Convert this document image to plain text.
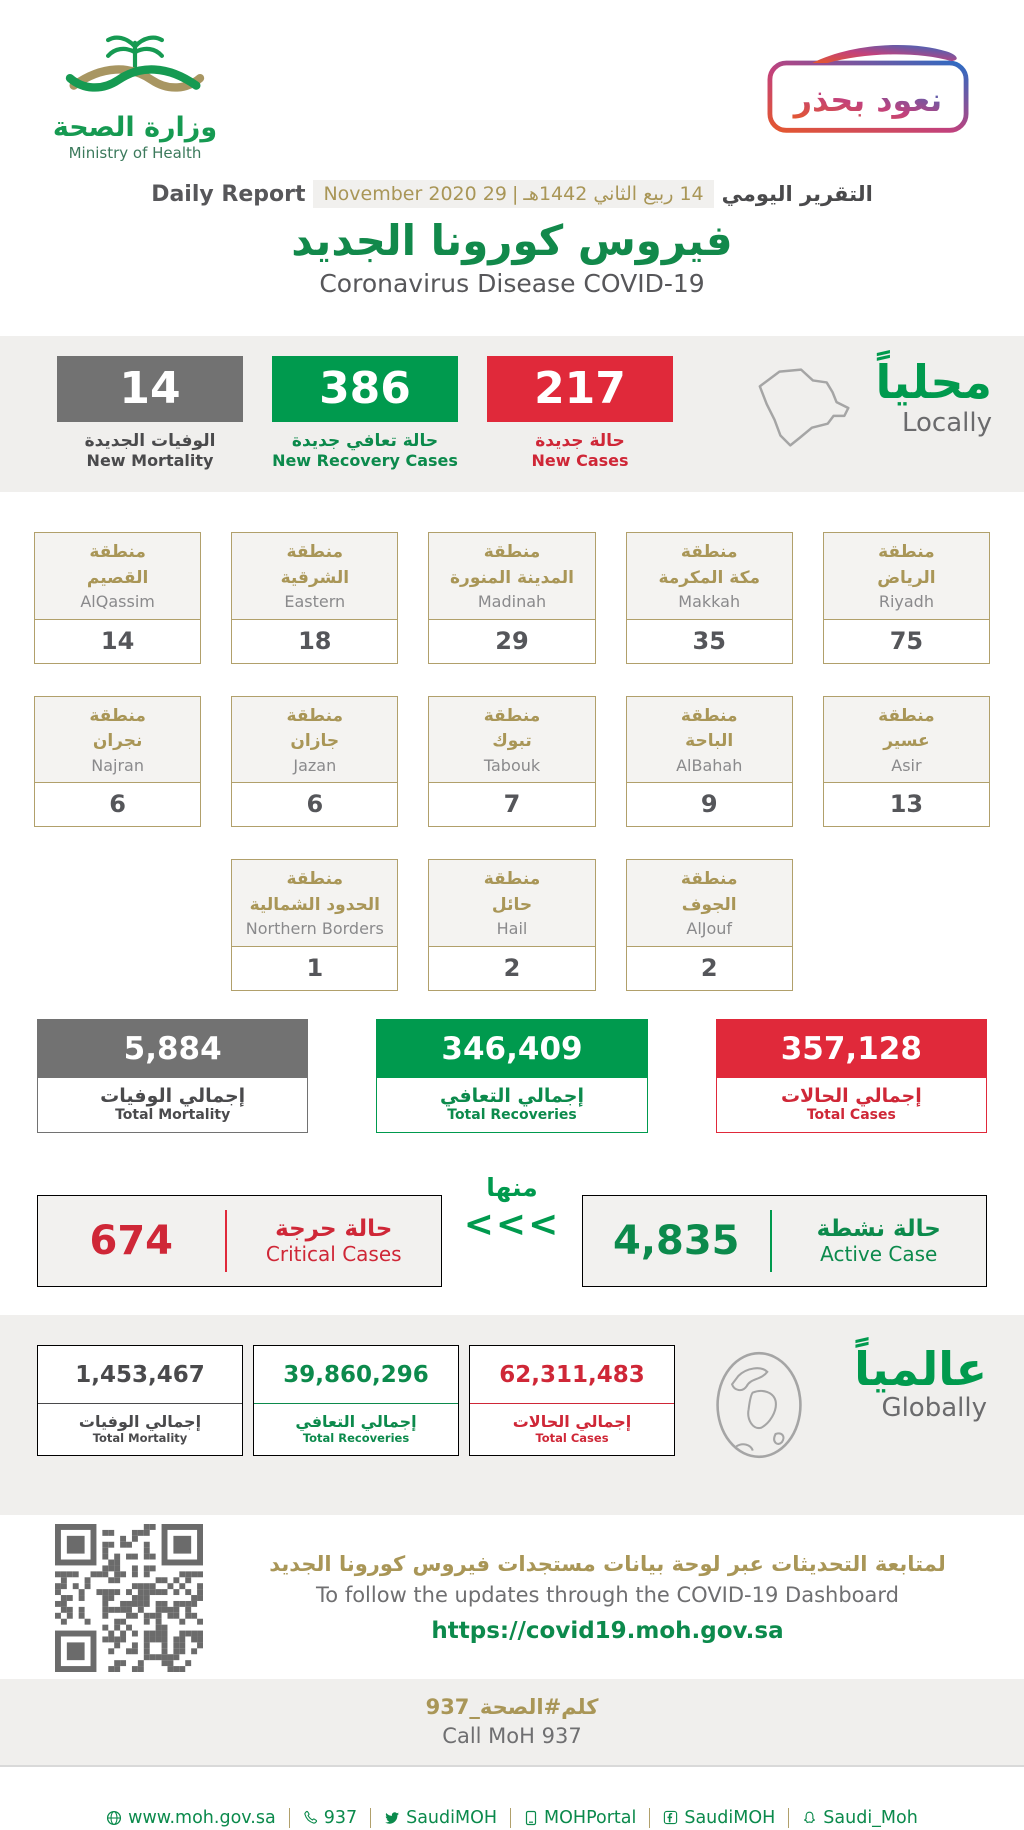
وزارة الصحة
Ministry of Health
نعود بحذر
Daily Report	14 ربيع الثاني 1442هـ
|
29 November 2020	التقرير اليومي
فيروس كورونا الجديد
Coronavirus Disease COVID-19
14
الوفيات الجديدة
New Mortality
386
حالة تعافي جديدة
New Recovery Cases
217
حالة جديدة
New Cases
محلياً
Locally
منطقة
الرياض
Riyadh
75
منطقة
مكة المكرمة
Makkah
35
منطقة
المدينة المنورة
Madinah
29
منطقة
الشرقية
Eastern
18
منطقة
القصيم
AlQassim
14
منطقة
عسير
Asir
13
منطقة
الباحة
AlBahah
9
منطقة
تبوك
Tabouk
7
منطقة
جازان
Jazan
6
منطقة
نجران
Najran
6
منطقة
الجوف
AlJouf
2
منطقة
حائل
Hail
2
منطقة
الحدود الشمالية
Northern Borders
1
5,884
إجمالي الوفيات
Total Mortality
346,409
إجمالي التعافي
Total Recoveries
357,128
إجمالي الحالات
Total Cases
674	حالة حرجة
Critical Cases
منها
<<<	4,835	حالة نشطة
Active Case
1,453,467
إجمالي الوفيات
Total Mortality
39,860,296
إجمالي التعافي
Total Recoveries
62,311,483
إجمالي الحالات
Total Cases
عالمياً
Globally
لمتابعة التحديثات عبر لوحة بيانات مستجدات فيروس كورونا الجديد
To follow the updates through the COVID-19 Dashboard
https://covid19.moh.gov.sa
كلم#الصحة_937
Call MoH 937
www.moh.gov.sa	937	SaudiMOH	MOHPortal	SaudiMOH	Saudi_Moh
